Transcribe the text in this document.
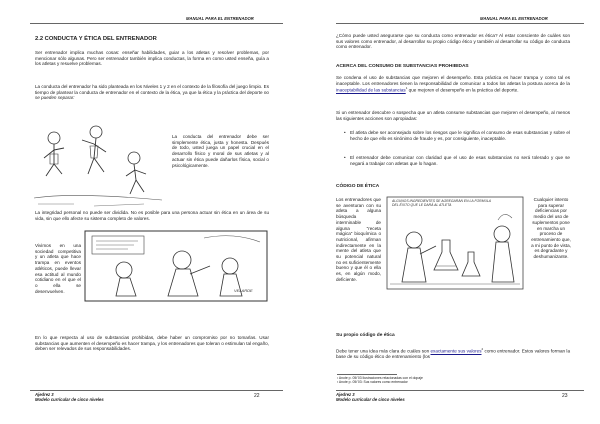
MANUAL PARA EL ENTRENADOR
2.2 CONDUCTA Y ÉTICA DEL ENTRENADOR

Ser entrenador implica muchas cosas: enseñar habilidades, guiar a los atletas y resolver problemas, por mencionar sólo algunas. Pero ser entrenador también implica conductas, la forma en como usted enseña, guía a los atletas y resuelve problemas.

La conducta del entrenador ha sido planteada en los Niveles 1 y 2 en el contexto de la filosofía del juego limpio. Es tiempo de plantear la conducta de entrenador en el contexto de la ética, ya que la ética y la práctica del deporte no se pueden separar:

La conducta del entrenador debe ser simplemente ética, justa y honesta. Después de todo, usted juega un papel crucial en el desarrollo físico y moral de sus atletas y al actuar sin ética puede dañarlos física, social o psicológicamente.

La integridad personal no puede ser dividida. No es posible para una persona actuar sin ética en un área de su vida, sin que ello afecte su sistema completo de valores.

Vivimos en una sociedad competitiva y un atleta que hace trampa en eventos atléticos, puede llevar esa actitud al mundo cotidiano en el que el o ella se desenvuelven.	VELARDE

En lo que respecta al uso de substancias prohibidas, debe haber un compromiso por no tomarlas. Usar substancias que aumenten el desempeño es hacer trampa, y los entrenadores que toleran o estimulan tal engaño, deben ser relevados de sus responsabilidades.

Ajedrez 3
Modelo curricular de cinco niveles
22
MANUAL PARA EL ENTRENADOR

¿Cómo puede usted asegurarse que su conducta como entrenador es ética? Al estar consciente de cuáles son sus valores como entrenador, al desarrollar su propio código ético y también al desarrollar su código de conducta como entrenador.

ACERCA DEL CONSUMO DE SUBSTANCIAS PROHIBIDAS

Se condena el uso de substancias que mejoren el desempeño. Esta práctica es hacer trampa y como tal es inaceptable. Los entrenadores tienen la responsabilidad de comunicar a todos los atletas la postura acerca de la inaceptabilidad de las substancias$^1$ que mejoren el desempeño en la práctica del deporte.

Si un entrenador descubre o sospecha que un atleta consume substancias que mejoren el desempeño, al menos las siguientes acciones son apropiadas:

• El atleta debe ser aconsejado sobre los riesgos que le significa el consumo de esas substancias y sobre el hecho de que ello es sinónimo de fraude y es, por consiguiente, inaceptable.
• El entrenador debe comunicar con claridad que el uso de esas substancias no será tolerado y que se negará a trabajar con atletas que lo hagan.
CÓDIGO DE ÉTICA
Los entrenadores que se aventuran con su atleta a alguna búsqueda interminable de alguna "receta mágica" bioquímica o nutricional, afirman indirectamente en la mente del atleta que su potencial natural no es suficientemente bueno y que él o ella es, en algún modo, deficiente.
ALGUNOS INGREDIENTES SE AGREGARÁN EN LA FÓRMULA DEL ÉXITO QUE LE DARÁ AL ATLETA
Cualquier intento para superar deficiencias por medio del uso de suplementos pone en marcha un proceso de entrenamiento que, a mi punto de vista, es degradante y deshumanizante.
Su propio código de ética

Debe tener una idea más clara de cuáles son exactamente sus valores$^2$ como entrenador. Estos valores forman la base de su código ético de entrenamiento (los

¹ Anote p. 05/'03 Ilustraciones relacionadas con el dopaje
² Anote p. 05/'03: Sus valores como entrenador
Ajedrez 3
Modelo curricular de cinco niveles
23
